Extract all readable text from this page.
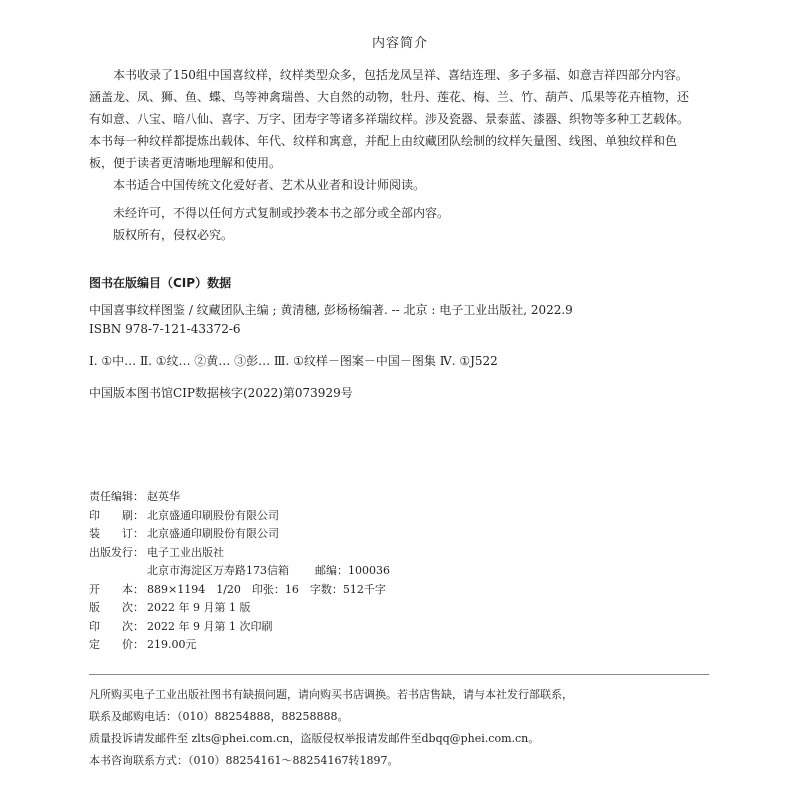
内容简介

本书收录了150组中国喜纹样，纹样类型众多，包括龙凤呈祥、喜结连理、多子多福、如意吉祥四部分内容。涵盖龙、凤、狮、鱼、蝶、鸟等神禽瑞兽、大自然的动物，牡丹、莲花、梅、兰、竹、葫芦、瓜果等花卉植物，还有如意、八宝、暗八仙、喜字、万字、团寿字等诸多祥瑞纹样。涉及瓷器、景泰蓝、漆器、织物等多种工艺载体。本书每一种纹样都提炼出载体、年代、纹样和寓意，并配上由纹藏团队绘制的纹样矢量图、线图、单独纹样和色板，便于读者更清晰地理解和使用。

本书适合中国传统文化爱好者、艺术从业者和设计师阅读。

未经许可，不得以任何方式复制或抄袭本书之部分或全部内容。

版权所有，侵权必究。

图书在版编目（CIP）数据
中国喜事纹样图鉴 / 纹藏团队主编 ; 黄清穗, 彭杨杨编著. -- 北京 : 电子工业出版社, 2022.9
ISBN 978-7-121-43372-6
Ⅰ. ①中… Ⅱ. ①纹… ②黄… ③彭… Ⅲ. ①纹样－图案－中国－图集 Ⅳ. ①J522
中国版本图书馆CIP数据核字(2022)第073929号
责任编辑： 赵英华
印　　刷： 北京盛通印刷股份有限公司
装　　订： 北京盛通印刷股份有限公司
出版发行： 电子工业出版社
北京市海淀区万寿路173信箱 邮编： 100036
开　　本： 889×1194　1/20　印张：16　字数：512千字
版　　次： 2022 年 9 月第 1 版
印　　次： 2022 年 9 月第 1 次印刷
定　　价： 219.00元
凡所购买电子工业出版社图书有缺损问题，请向购买书店调换。若书店售缺，请与本社发行部联系，
联系及邮购电话：（010）88254888，88258888。
质量投诉请发邮件至 zlts@phei.com.cn，盗版侵权举报请发邮件至dbqq@phei.com.cn。
本书咨询联系方式：（010）88254161～88254167转1897。
